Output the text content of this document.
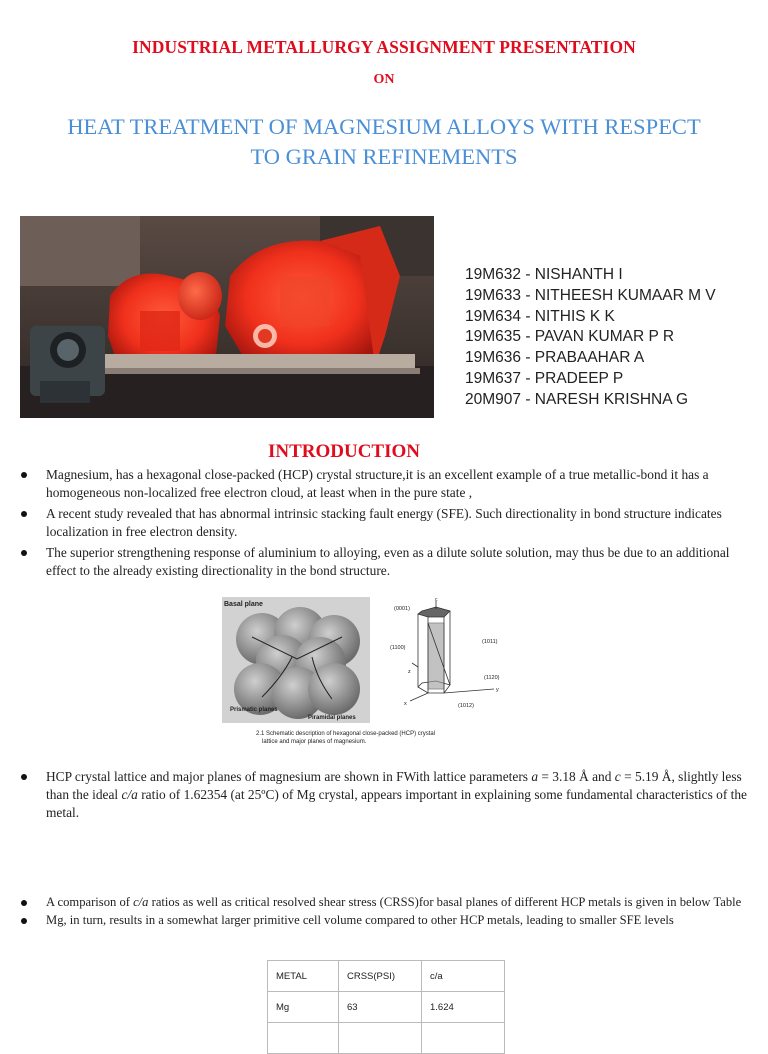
INDUSTRIAL METALLURGY ASSIGNMENT PRESENTATION
ON
HEAT TREATMENT OF MAGNESIUM ALLOYS WITH RESPECT
TO GRAIN REFINEMENTS
19M632 - NISHANTH I
19M633 - NITHEESH KUMAAR M V
19M634 - NITHIS K K
19M635 - PAVAN KUMAR P R
19M636 - PRABAAHAR A
19M637 - PRADEEP P
20M907 - NARESH KRISHNA G
INTRODUCTION

Magnesium, has a hexagonal close-packed (HCP) crystal structure,it is an excellent example of a true metallic-bond it has a homogeneous non-localized free electron cloud, at least when in the pure state ,

A recent study revealed that has abnormal intrinsic stacking fault energy (SFE). Such directionality in bond structure indicates localization in free electron density.

The superior strengthening response of aluminium to alloying, even as a dilute solute solution, may thus be due to an additional effect to the already existing directionality in the bond structure.

Basal plane
Prismatic planes
Piramidal planes
c
(0001)
(1100)
(1011)
z
(1120)
y
x	(1012)
2.1 Schematic description of hexagonal close-packed (HCP) crystal
lattice and major planes of magnesium.

HCP crystal lattice and major planes of magnesium are shown in FWith lattice parameters a = 3.18 Å and c = 5.19 Å, slightly less than the ideal c/a ratio of 1.62354 (at 25ºC) of Mg crystal, appears important in explaining some fundamental characteristics of the metal.

A comparison of c/a ratios as well as critical resolved shear stress (CRSS)for basal planes of different HCP metals is given in below Table

Mg, in turn, results in a somewhat larger primitive cell volume compared to other HCP metals, leading to smaller SFE levels

METAL	CRSS(PSI)	c/a
Mg	63	1.624
